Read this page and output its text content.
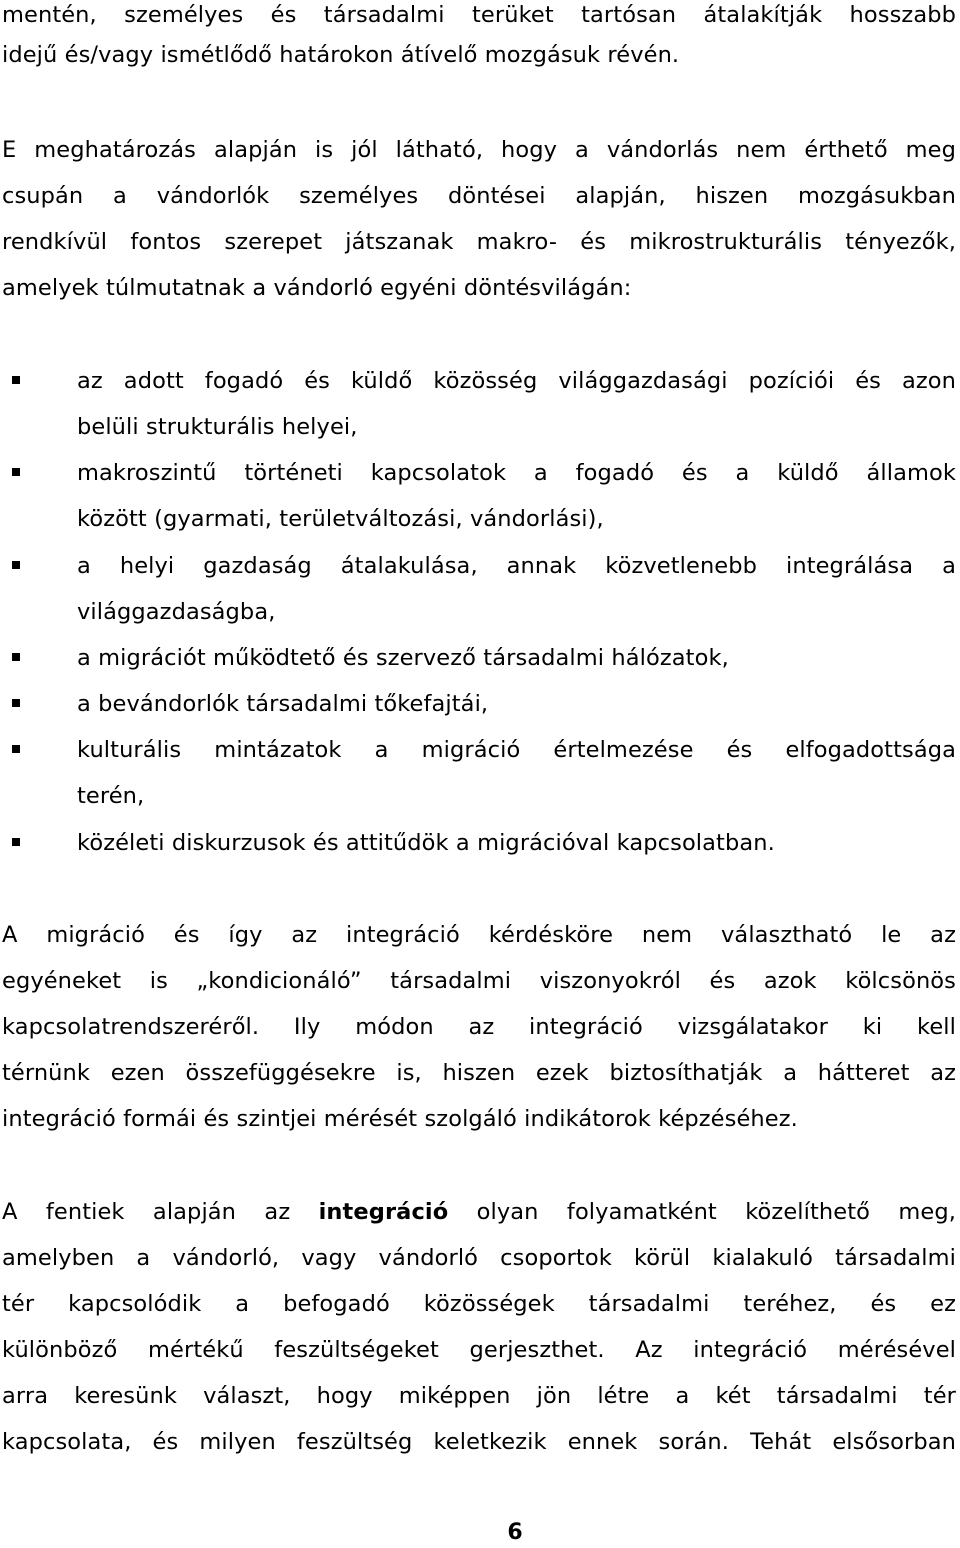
mentén, személyes és társadalmi terüket tartósan átalakítják hosszabb
idejű és/vagy ismétlődő határokon átívelő mozgásuk révén.
E meghatározás alapján is jól látható, hogy a vándorlás nem érthető meg
csupán a vándorlók személyes döntései alapján, hiszen mozgásukban
rendkívül fontos szerepet játszanak makro- és mikrostrukturális tényezők,
amelyek túlmutatnak a vándorló egyéni döntésvilágán:
az adott fogadó és küldő közösség világgazdasági pozíciói és azon
belüli strukturális helyei,
makroszintű történeti kapcsolatok a fogadó és a küldő államok
között (gyarmati, területváltozási, vándorlási),
a helyi gazdaság átalakulása, annak közvetlenebb integrálása a
világgazdaságba,
a migrációt működtető és szervező társadalmi hálózatok,
a bevándorlók társadalmi tőkefajtái,
kulturális mintázatok a migráció értelmezése és elfogadottsága
terén,
közéleti diskurzusok és attitűdök a migrációval kapcsolatban.
A migráció és így az integráció kérdésköre nem választható le az
egyéneket is „kondicionáló” társadalmi viszonyokról és azok kölcsönös
kapcsolatrendszeréről. Ily módon az integráció vizsgálatakor ki kell
térnünk ezen összefüggésekre is, hiszen ezek biztosíthatják a hátteret az
integráció formái és szintjei mérését szolgáló indikátorok képzéséhez.
A fentiek alapján az integráció olyan folyamatként közelíthető meg,
amelyben a vándorló, vagy vándorló csoportok körül kialakuló társadalmi
tér kapcsolódik a befogadó közösségek társadalmi teréhez, és ez
különböző mértékű feszültségeket gerjeszthet. Az integráció mérésével
arra keresünk választ, hogy miképpen jön létre a két társadalmi tér
kapcsolata, és milyen feszültség keletkezik ennek során. Tehát elsősorban
6
